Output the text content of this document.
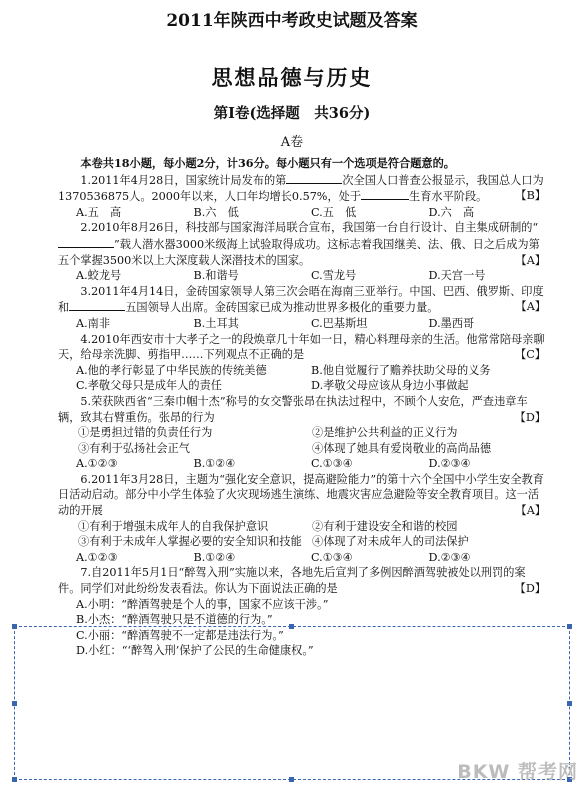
2011年陕西中考政史试题及答案
思想品德与历史
第Ⅰ卷(选择题　共36分)
A卷

本卷共18小题，每小题2分，计36分。每小题只有一个选项是符合题意的。

1.2011年4月28日，国家统计局发布的第	次全国人口普查公报显示，我国总人口为1370536875人。2000年以来，人口年均增长0.57%，处于	生育水平阶段。	【B】

A.五　高	B.六　低	C.五　低	D.六　高

2.2010年8月26日，科技部与国家海洋局联合宣布，我国第一台自行设计、自主集成研制的“”载人潜水器3000米级海上试验取得成功。这标志着我国继美、法、俄、日之后成为第五个掌握3500米以上大深度载人深潜技术的国家。	【A】

A.蛟龙号	B.和谐号	C.雪龙号	D.天宫一号

3.2011年4月14日，金砖国家领导人第三次会晤在海南三亚举行。中国、巴西、俄罗斯、印度和	五国领导人出席。金砖国家已成为推动世界多极化的重要力量。	【A】

A.南非	B.土耳其	C.巴基斯坦	D.墨西哥

4.2010年西安市十大孝子之一的段焕章几十年如一日，精心料理母亲的生活。他常常陪母亲聊天，给母亲洗脚、剪指甲……下列观点不正确的是	【C】

A.他的孝行彰显了中华民族的传统美德	B.他自觉履行了赡养扶助父母的义务
C.孝敬父母只是成年人的责任	D.孝敬父母应该从身边小事做起

5.荣获陕西省“三秦巾帼十杰”称号的女交警张昂在执法过程中，不顾个人安危，严查违章车辆，致其右臂重伤。张昂的行为	【D】

①是勇担过错的负责任行为	②是维护公共利益的正义行为
③有利于弘扬社会正气	④体现了她具有爱岗敬业的高尚品德
A.①②③	B.①②④	C.①③④	D.②③④

6.2011年3月28日，主题为“强化安全意识，提高避险能力”的第十六个全国中小学生安全教育日活动启动。部分中小学生体验了火灾现场逃生演练、地震灾害应急避险等安全教育项目。这一活动的开展	【A】

①有利于增强未成年人的自我保护意识	②有利于建设安全和谐的校园
③有利于未成年人掌握必要的安全知识和技能 ④体现了对未成年人的司法保护
A.①②③	B.①②④	C.①③④	D.②③④

7.自2011年5月1日“醉驾入刑”实施以来，各地先后宣判了多例因醉酒驾驶被处以刑罚的案件。同学们对此纷纷发表看法。你认为下面说法正确的是	【D】

A.小明：“醉酒驾驶是个人的事，国家不应该干涉。”
B.小杰：“醉酒驾驶只是不道德的行为。”
C.小丽：“醉酒驾驶不一定都是违法行为。”
D.小红：“‘醉驾入刑’保护了公民的生命健康权。”
BKW 帮考网
